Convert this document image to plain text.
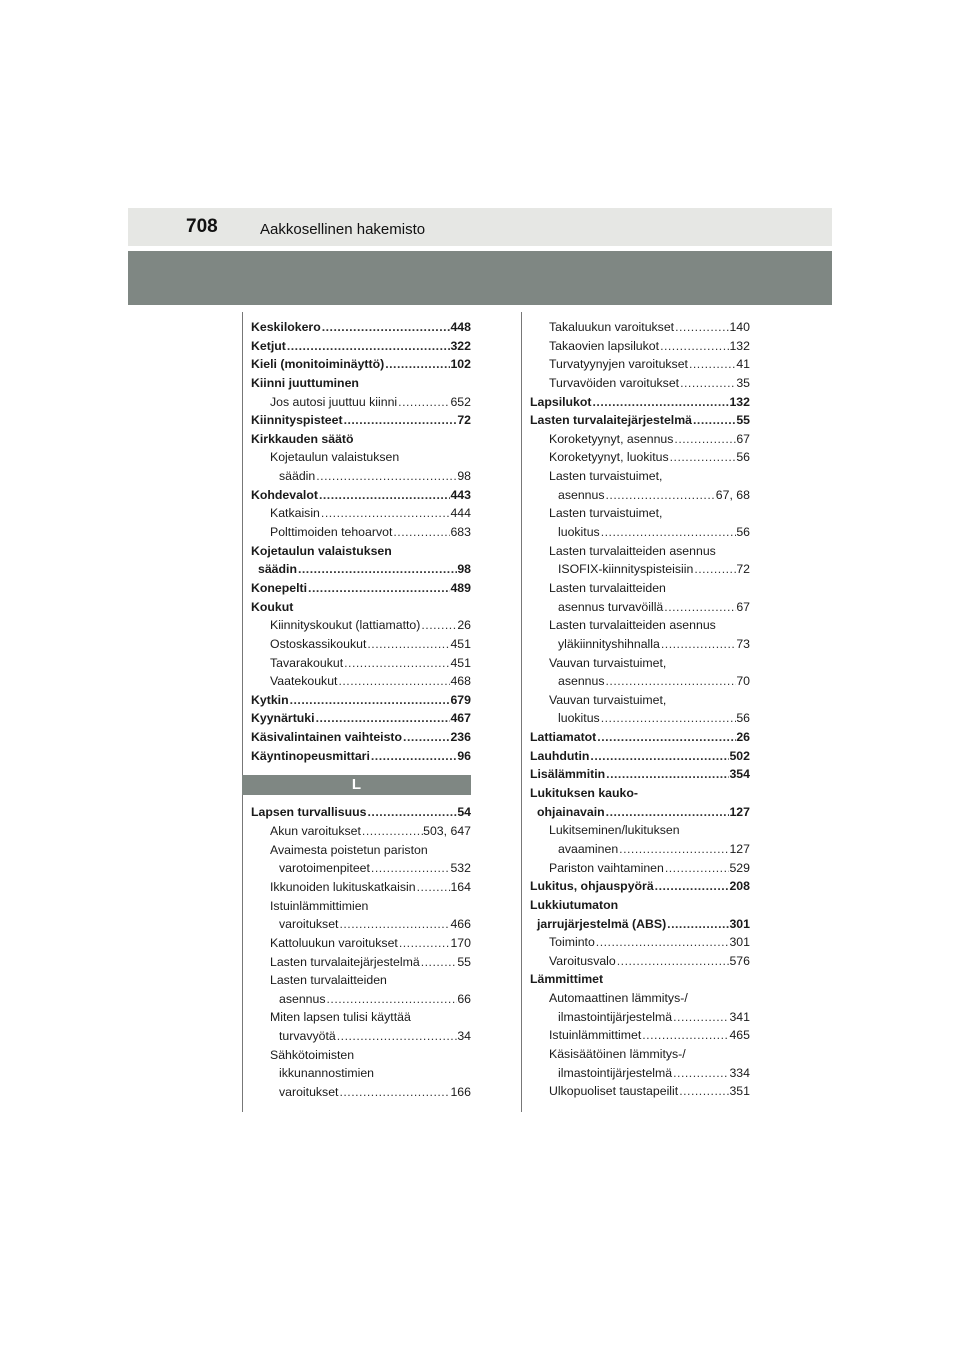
708	Aakkosellinen hakemisto
Keskilokero .....	448
Ketjut .....	322
Kieli (monitoiminäyttö) .....	102
Kiinni juuttuminen
Jos autosi juuttuu kiinni .....	652
Kiinnityspisteet .....	72
Kirkkauden säätö
Kojetaulun valaistuksen
säädin .....	98
Kohdevalot .....	443
Katkaisin .....	444
Polttimoiden tehoarvot .....	683
Kojetaulun valaistuksen
säädin .....	98
Konepelti .....	489
Koukut
Kiinnityskoukut (lattiamatto) .....	26
Ostoskassikoukut .....	451
Tavarakoukut .....	451
Vaatekoukut .....	468
Kytkin .....	679
Kyynärtuki .....	467
Käsivalintainen vaihteisto .....	236
Käyntinopeusmittari .....	96
L
Lapsen turvallisuus .....	54
Akun varoitukset .....	503, 647
Avaimesta poistetun pariston
varotoimenpiteet .....	532
Ikkunoiden lukituskatkaisin .....	164
Istuinlämmittimien
varoitukset .....	466
Kattoluukun varoitukset .....	170
Lasten turvalaitejärjestelmä .....	55
Lasten turvalaitteiden
asennus .....	66
Miten lapsen tulisi käyttää
turvavyötä .....	34
Sähkötoimisten
ikkunannostimien
varoitukset .....	166
Takaluukun varoitukset .....	140
Takaovien lapsilukot .....	132
Turvatyynyjen varoitukset .....	41
Turvavöiden varoitukset .....	35
Lapsilukot .....	132
Lasten turvalaitejärjestelmä .....	55
Koroketyynyt, asennus .....	67
Koroketyynyt, luokitus .....	56
Lasten turvaistuimet,
asennus .....	67, 68
Lasten turvaistuimet,
luokitus .....	56
Lasten turvalaitteiden asennus
ISOFIX-kiinnityspisteisiin .....	72
Lasten turvalaitteiden
asennus turvavöillä .....	67
Lasten turvalaitteiden asennus
yläkiinnityshihnalla .....	73
Vauvan turvaistuimet,
asennus .....	70
Vauvan turvaistuimet,
luokitus .....	56
Lattiamatot .....	26
Lauhdutin .....	502
Lisälämmitin .....	354
Lukituksen kauko-
ohjainavain .....	127
Lukitseminen/lukituksen
avaaminen .....	127
Pariston vaihtaminen .....	529
Lukitus, ohjauspyörä .....	208
Lukkiutumaton
jarrujärjestelmä (ABS) .....	301
Toiminto .....	301
Varoitusvalo .....	576
Lämmittimet
Automaattinen lämmitys-/
ilmastointijärjestelmä .....	341
Istuinlämmittimet .....	465
Käsisäätöinen lämmitys-/
ilmastointijärjestelmä .....	334
Ulkopuoliset taustapeilit .....	351
